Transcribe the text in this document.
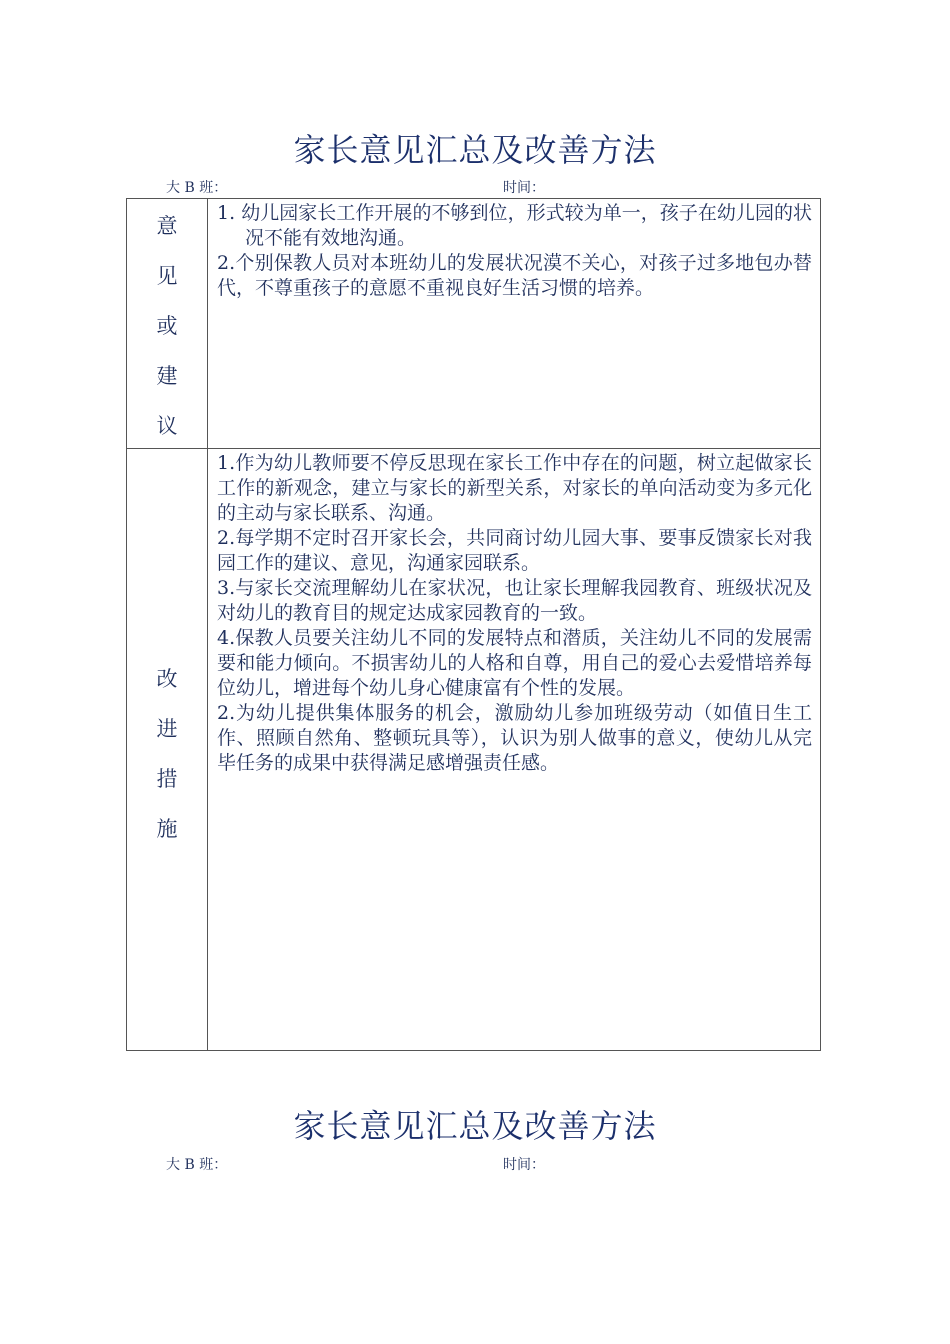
家长意见汇总及改善方法
大 B 班：	时间：
意
见
或
建
议

1. 幼儿园家长工作开展的不够到位，形式较为单一，孩子在幼儿园的状况不能有效地沟通。

2.个别保教人员对本班幼儿的发展状况漠不关心，对孩子过多地包办替代，不尊重孩子的意愿不重视良好生活习惯的培养。

改
进
措
施

1.作为幼儿教师要不停反思现在家长工作中存在的问题，树立起做家长工作的新观念，建立与家长的新型关系，对家长的单向活动变为多元化的主动与家长联系、沟通。

2.每学期不定时召开家长会，共同商讨幼儿园大事、要事反馈家长对我园工作的建议、意见，沟通家园联系。

3.与家长交流理解幼儿在家状况，也让家长理解我园教育、班级状况及对幼儿的教育目的规定达成家园教育的一致。

4.保教人员要关注幼儿不同的发展特点和潜质，关注幼儿不同的发展需要和能力倾向。不损害幼儿的人格和自尊，用自己的爱心去爱惜培养每位幼儿，增进每个幼儿身心健康富有个性的发展。

2.为幼儿提供集体服务的机会，激励幼儿参加班级劳动（如值日生工作、照顾自然角、整顿玩具等），认识为别人做事的意义，使幼儿从完毕任务的成果中获得满足感增强责任感。

家长意见汇总及改善方法
大 B 班：	时间：
